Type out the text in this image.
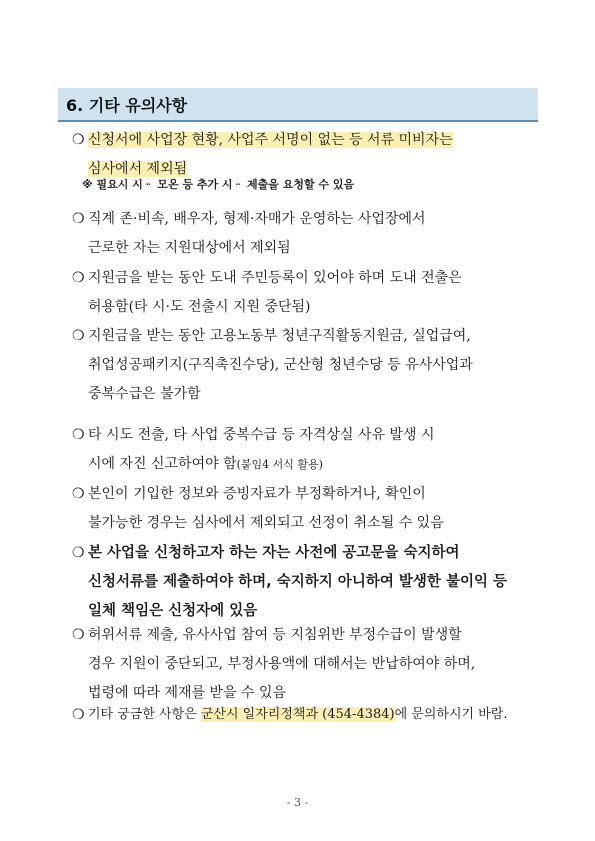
6. 기타 유의사항
❍ 신청서에 사업장 현황, 사업주 서명이 없는 등 서류 미비자는
심사에서 제외됨
❍ 직계 존·비속, 배우자, 형제·자매가 운영하는 사업장에서
근로한 자는 지원대상에서 제외됨
❍ 지원금을 받는 동안 도내 주민등록이 있어야 하며 도내 전출은
허용함(타 시·도 전출시 지원 중단됨)
❍ 지원금을 받는 동안 고용노동부 청년구직활동지원금, 실업급여,
취업성공패키지(구직촉진수당), 군산형 청년수당 등 유사사업과
중복수급은 불가함
❍ 타 시도 전출, 타 사업 중복수급 등 자격상실 사유 발생 시
시에 자진 신고하여야 함(붙임4 서식 활용)
❍ 본인이 기입한 정보와 증빙자료가 부정확하거나, 확인이
불가능한 경우는 심사에서 제외되고 선정이 취소될 수 있음
❍ 본 사업을 신청하고자 하는 자는 사전에 공고문을 숙지하여
신청서류를 제출하여야 하며, 숙지하지 아니하여 발생한 불이익 등
일체 책임은 신청자에 있음
❍ 허위서류 제출, 유사사업 참여 등 지침위반 부정수급이 발생할
경우 지원이 중단되고, 부정사용액에 대해서는 반납하여야 하며,
법령에 따라 제재를 받을 수 있음
❍ 기타 궁금한 사항은 군산시 일자리정책과 (454-4384)에 문의하시기 바람.
※ 필요시 시ᆢ 모온 등 추가 시ᆢ 제출을 요청할 수 있음
- 3 -
